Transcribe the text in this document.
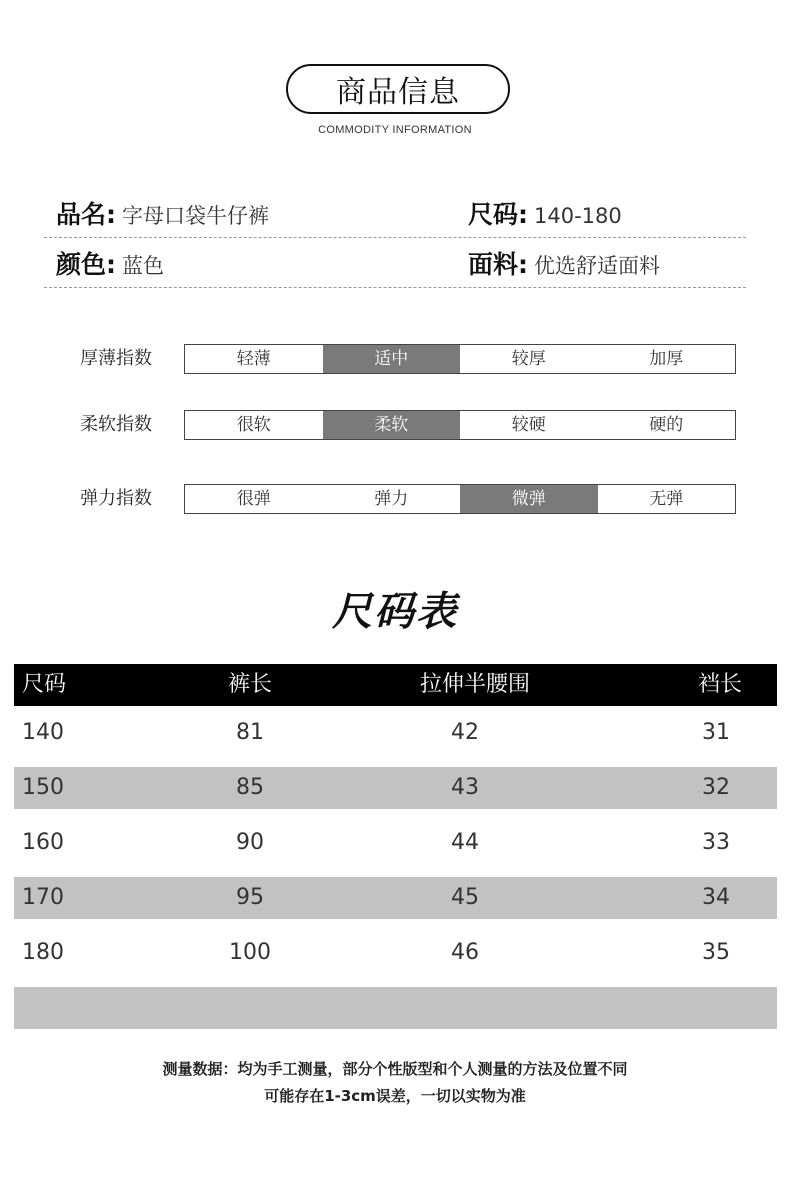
商品信息
COMMODITY INFORMATION
品名 : 字母口袋牛仔裤	尺码 : 140-180
颜色 : 蓝色	面料 : 优选舒适面料
厚薄指数	轻薄	适中	较厚	加厚
柔软指数	很软	柔软	较硬	硬的
弹力指数	很弹	弹力	微弹	无弹
尺码表
尺码	裤长	拉伸半腰围	裆长
140	81	42	31
150	85	43	32
160	90	44	33
170	95	45	34
180	100	46	35
测量数据：均为手工测量，部分个性版型和个人测量的方法及位置不同
可能存在1-3cm误差，一切以实物为准
